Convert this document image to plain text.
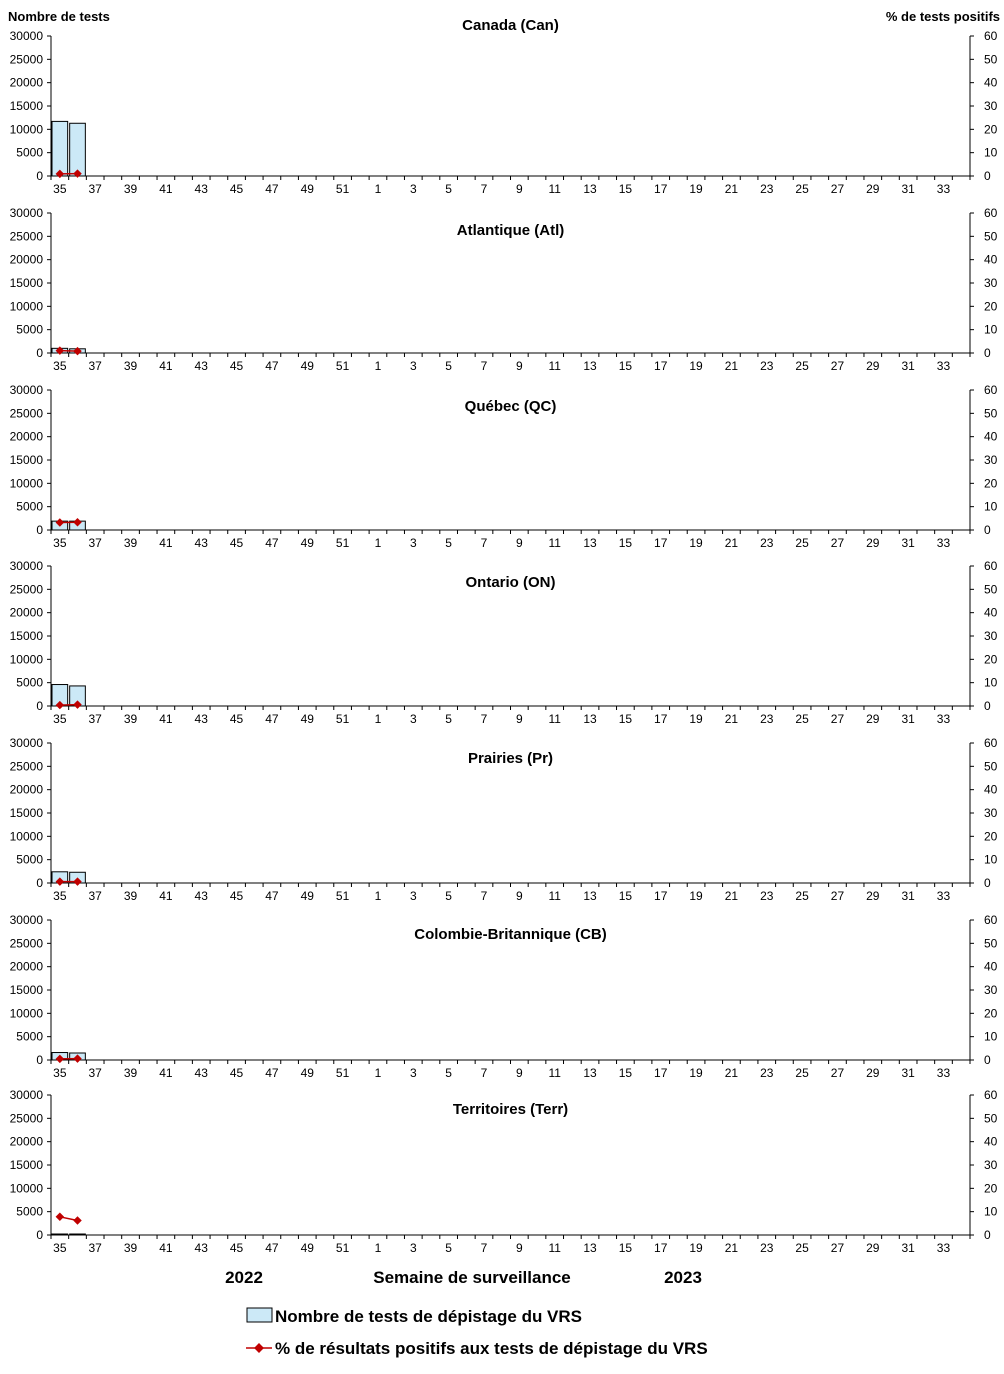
Nombre de tests	% de tests positifs
Canada (Can)
0
5000
10000
15000
20000
25000
30000
0
10
20
30
40
50
60
35 37 39 41 43 45 47 49 51 1 3 5 7 9 11 13 15 17 19 21 23 25 27 29 31 33
Atlantique (Atl)
0
5000
10000
15000
20000
25000
30000
0
10
20
30
40
50
60
35 37 39 41 43 45 47 49 51 1 3 5 7 9 11 13 15 17 19 21 23 25 27 29 31 33
Québec (QC)
0
5000
10000
15000
20000
25000
30000
0
10
20
30
40
50
60
35 37 39 41 43 45 47 49 51 1 3 5 7 9 11 13 15 17 19 21 23 25 27 29 31 33
Ontario (ON)
0
5000
10000
15000
20000
25000
30000
0
10
20
30
40
50
60
35 37 39 41 43 45 47 49 51 1 3 5 7 9 11 13 15 17 19 21 23 25 27 29 31 33
Prairies (Pr)
0
5000
10000
15000
20000
25000
30000
0
10
20
30
40
50
60
35 37 39 41 43 45 47 49 51 1 3 5 7 9 11 13 15 17 19 21 23 25 27 29 31 33
Colombie-Britannique (CB)
0
5000
10000
15000
20000
25000
30000
0
10
20
30
40
50
60
35 37 39 41 43 45 47 49 51 1 3 5 7 9 11 13 15 17 19 21 23 25 27 29 31 33
Territoires (Terr)
0
5000
10000
15000
20000
25000
30000
0
10
20
30
40
50
60
35 37 39 41 43 45 47 49 51 1 3 5 7 9 11 13 15 17 19 21 23 25 27 29 31 33
2022	Semaine de surveillance	2023
Nombre de tests de dépistage du VRS
% de résultats positifs aux tests de dépistage du VRS
